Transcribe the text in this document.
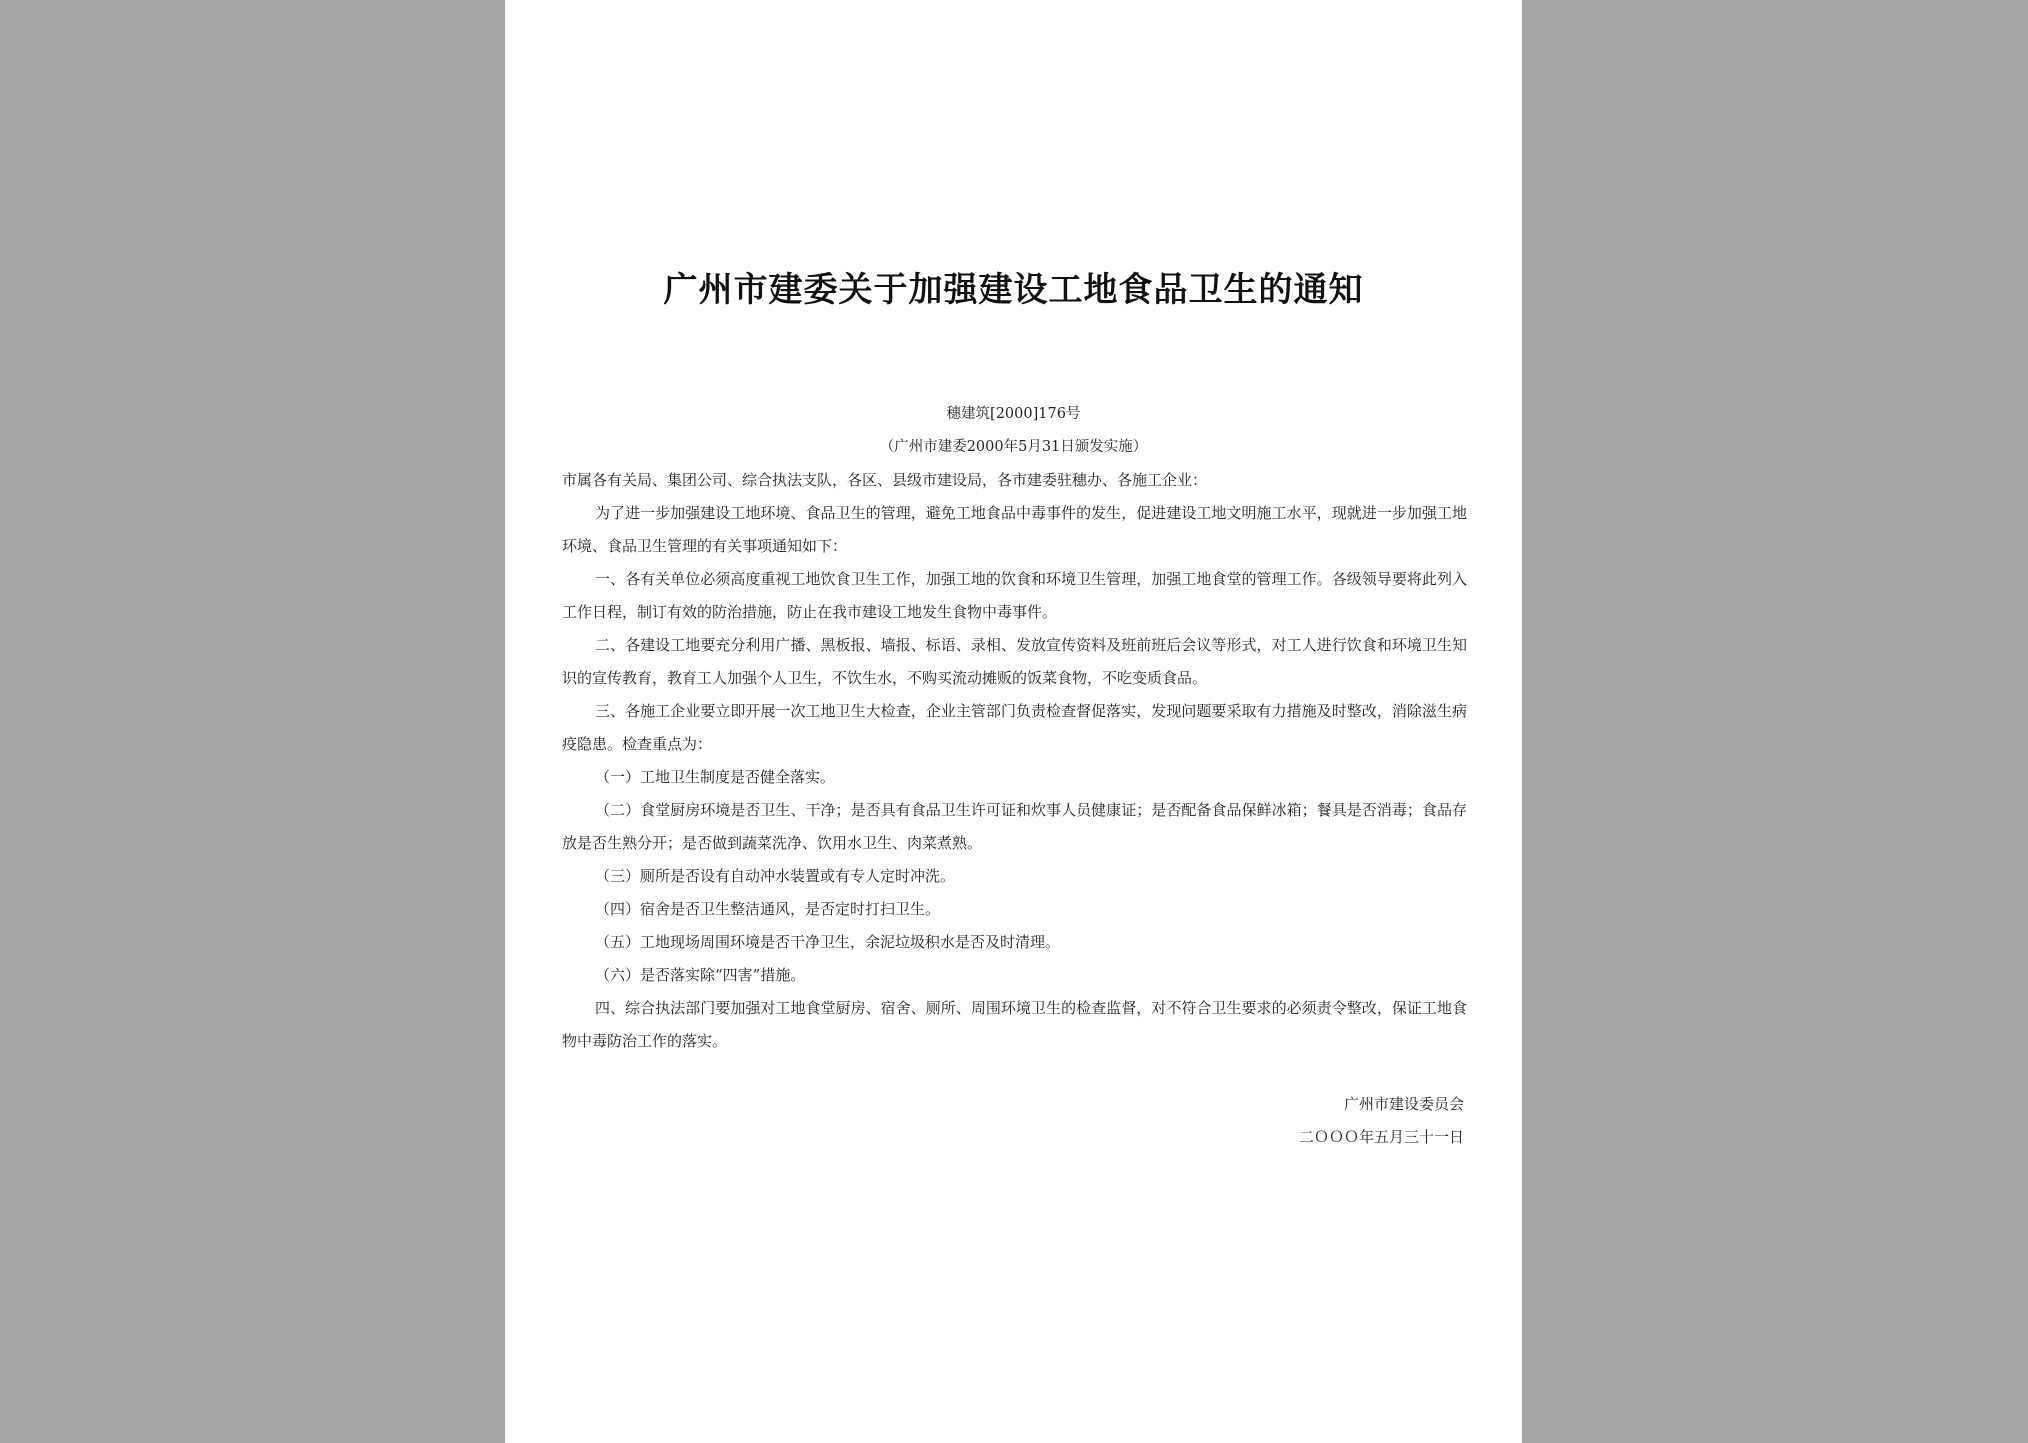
广州市建委关于加强建设工地食品卫生的通知
穗建筑[2000]176号
（广州市建委2000年5月31日颁发实施）

市属各有关局、集团公司、综合执法支队，各区、县级市建设局，各市建委驻穗办、各施工企业：

为了进一步加强建设工地环境、食品卫生的管理，避免工地食品中毒事件的发生，促进建设工地文明施工水平，现就进一步加强工地环境、食品卫生管理的有关事项通知如下：

一、各有关单位必须高度重视工地饮食卫生工作，加强工地的饮食和环境卫生管理，加强工地食堂的管理工作。各级领导要将此列入工作日程，制订有效的防治措施，防止在我市建设工地发生食物中毒事件。

二、各建设工地要充分利用广播、黑板报、墙报、标语、录相、发放宣传资料及班前班后会议等形式，对工人进行饮食和环境卫生知识的宣传教育，教育工人加强个人卫生，不饮生水，不购买流动摊贩的饭菜食物，不吃变质食品。

三、各施工企业要立即开展一次工地卫生大检查，企业主管部门负责检查督促落实，发现问题要采取有力措施及时整改，消除滋生病疫隐患。检查重点为：

（一）工地卫生制度是否健全落实。

（二）食堂厨房环境是否卫生、干净；是否具有食品卫生许可证和炊事人员健康证；是否配备食品保鲜冰箱；餐具是否消毒；食品存放是否生熟分开；是否做到蔬菜洗净、饮用水卫生、肉菜煮熟。

（三）厕所是否设有自动冲水装置或有专人定时冲洗。

（四）宿舍是否卫生整洁通风，是否定时打扫卫生。

（五）工地现场周围环境是否干净卫生，余泥垃圾积水是否及时清理。

（六）是否落实除“四害”措施。

四、综合执法部门要加强对工地食堂厨房、宿舍、厕所、周围环境卫生的检查监督，对不符合卫生要求的必须责令整改，保证工地食物中毒防治工作的落实。

广州市建设委员会
二ＯＯＯ年五月三十一日
